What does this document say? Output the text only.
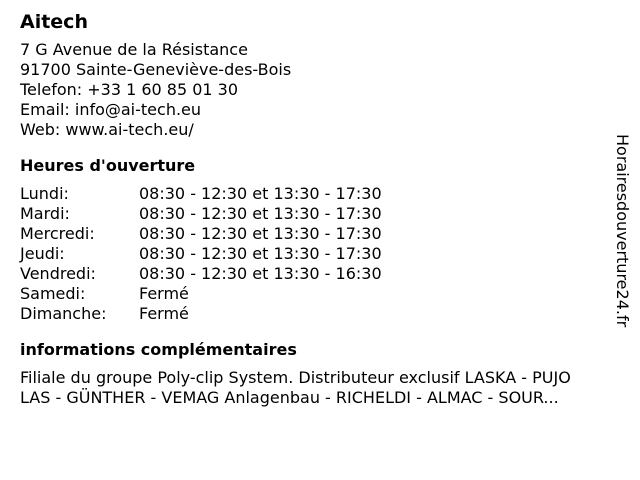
Aitech
7 G Avenue de la Résistance
91700 Sainte-Geneviève-des-Bois
Telefon: +33 1 60 85 01 30
Email: info@ai-tech.eu
Web: www.ai-tech.eu/
Heures d'ouverture
Lundi:	08:30 - 12:30 et 13:30 - 17:30
Mardi:	08:30 - 12:30 et 13:30 - 17:30
Mercredi:	08:30 - 12:30 et 13:30 - 17:30
Jeudi:	08:30 - 12:30 et 13:30 - 17:30
Vendredi:	08:30 - 12:30 et 13:30 - 16:30
Samedi:	Fermé
Dimanche:	Fermé
informations complémentaires
Filiale du groupe Poly-clip System. Distributeur exclusif LASKA - PUJO
LAS - GÜNTHER - VEMAG Anlagenbau - RICHELDI - ALMAC - SOUR...
Horairesdouverture24.fr
